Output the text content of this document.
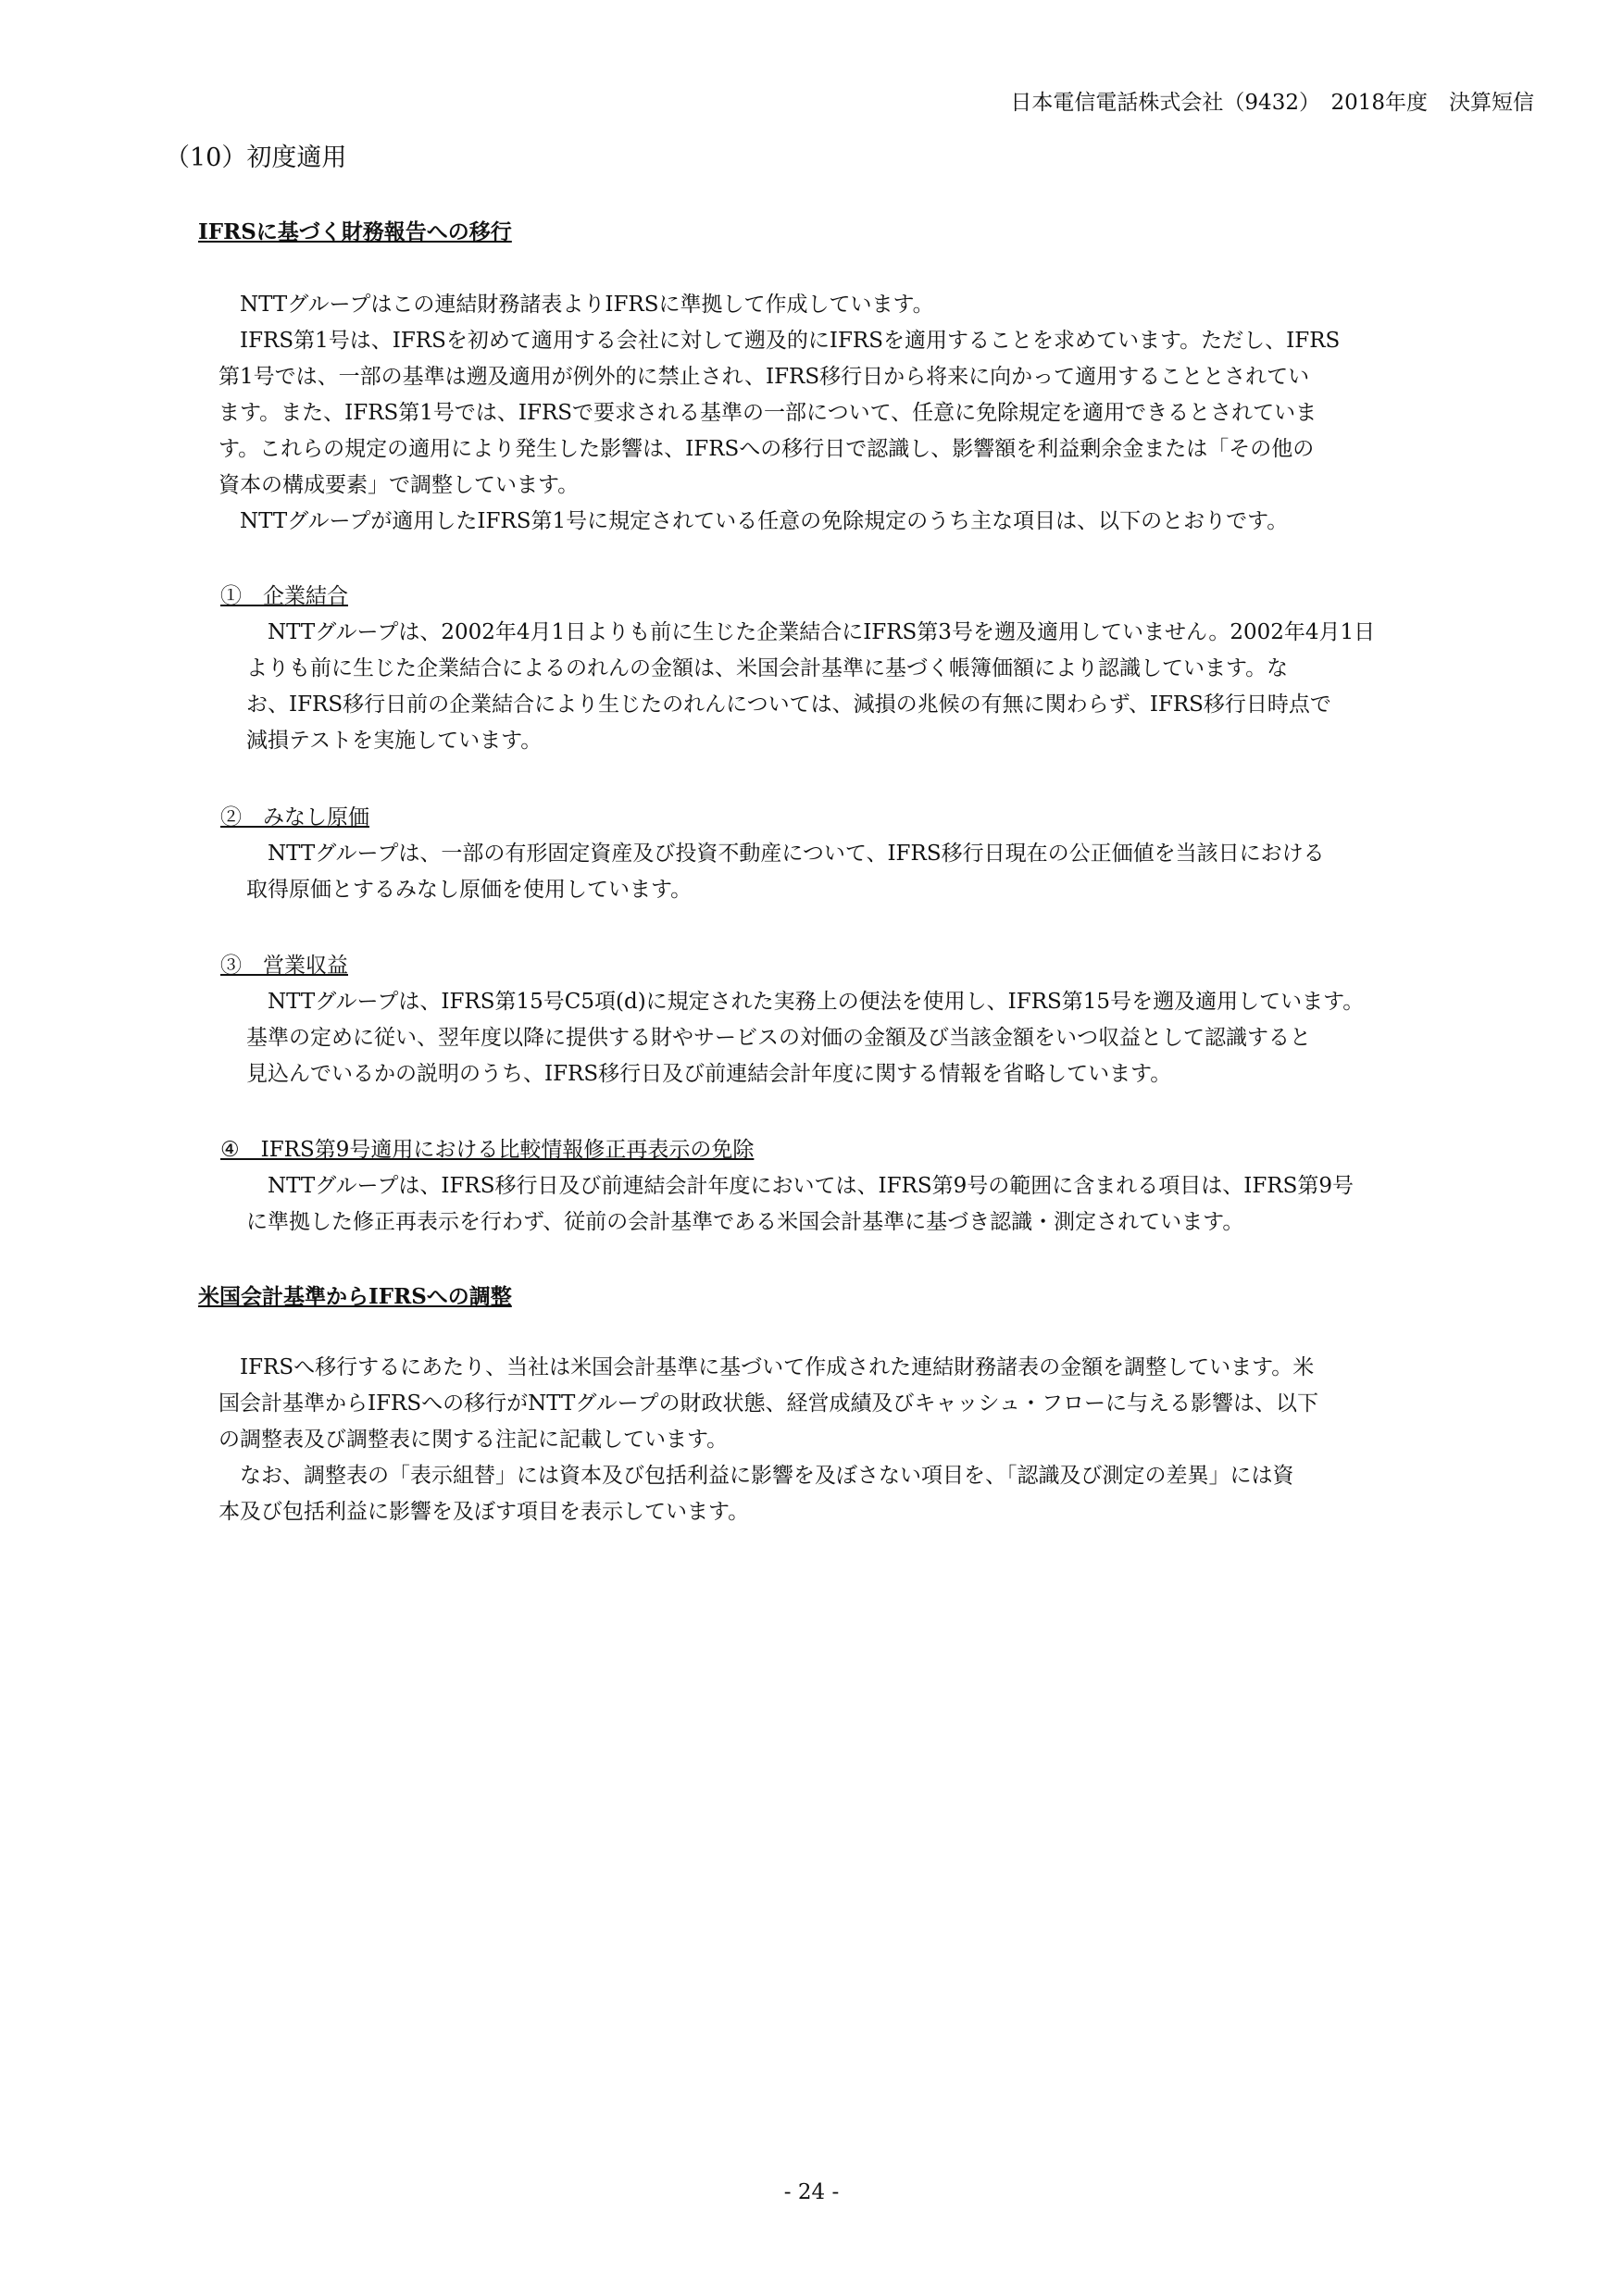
日本電信電話株式会社（9432）　2018年度　決算短信
（10）初度適用
IFRSに基づく財務報告への移行

　NTTグループはこの連結財務諸表よりIFRSに準拠して作成しています。

　IFRS第1号は、IFRSを初めて適用する会社に対して遡及的にIFRSを適用することを求めています。ただし、IFRS
第1号では、一部の基準は遡及適用が例外的に禁止され、IFRS移行日から将来に向かって適用することとされてい
ます。また、IFRS第1号では、IFRSで要求される基準の一部について、任意に免除規定を適用できるとされていま
す。これらの規定の適用により発生した影響は、IFRSへの移行日で認識し、影響額を利益剰余金または「その他の
資本の構成要素」で調整しています。

　NTTグループが適用したIFRS第1号に規定されている任意の免除規定のうち主な項目は、以下のとおりです。

①　企業結合

　NTTグループは、2002年4月1日よりも前に生じた企業結合にIFRS第3号を遡及適用していません。2002年4月1日
よりも前に生じた企業結合によるのれんの金額は、米国会計基準に基づく帳簿価額により認識しています。な
お、IFRS移行日前の企業結合により生じたのれんについては、減損の兆候の有無に関わらず、IFRS移行日時点で
減損テストを実施しています。

②　みなし原価

　NTTグループは、一部の有形固定資産及び投資不動産について、IFRS移行日現在の公正価値を当該日における
取得原価とするみなし原価を使用しています。

③　営業収益

　NTTグループは、IFRS第15号C5項(d)に規定された実務上の便法を使用し、IFRS第15号を遡及適用しています。
基準の定めに従い、翌年度以降に提供する財やサービスの対価の金額及び当該金額をいつ収益として認識すると
見込んでいるかの説明のうち、IFRS移行日及び前連結会計年度に関する情報を省略しています。

④　IFRS第9号適用における比較情報修正再表示の免除

　NTTグループは、IFRS移行日及び前連結会計年度においては、IFRS第9号の範囲に含まれる項目は、IFRS第9号
に準拠した修正再表示を行わず、従前の会計基準である米国会計基準に基づき認識・測定されています。

米国会計基準からIFRSへの調整

　IFRSへ移行するにあたり、当社は米国会計基準に基づいて作成された連結財務諸表の金額を調整しています。米
国会計基準からIFRSへの移行がNTTグループの財政状態、経営成績及びキャッシュ・フローに与える影響は、以下
の調整表及び調整表に関する注記に記載しています。

　なお、調整表の「表示組替」には資本及び包括利益に影響を及ぼさない項目を、「認識及び測定の差異」には資
本及び包括利益に影響を及ぼす項目を表示しています。

- 24 -
